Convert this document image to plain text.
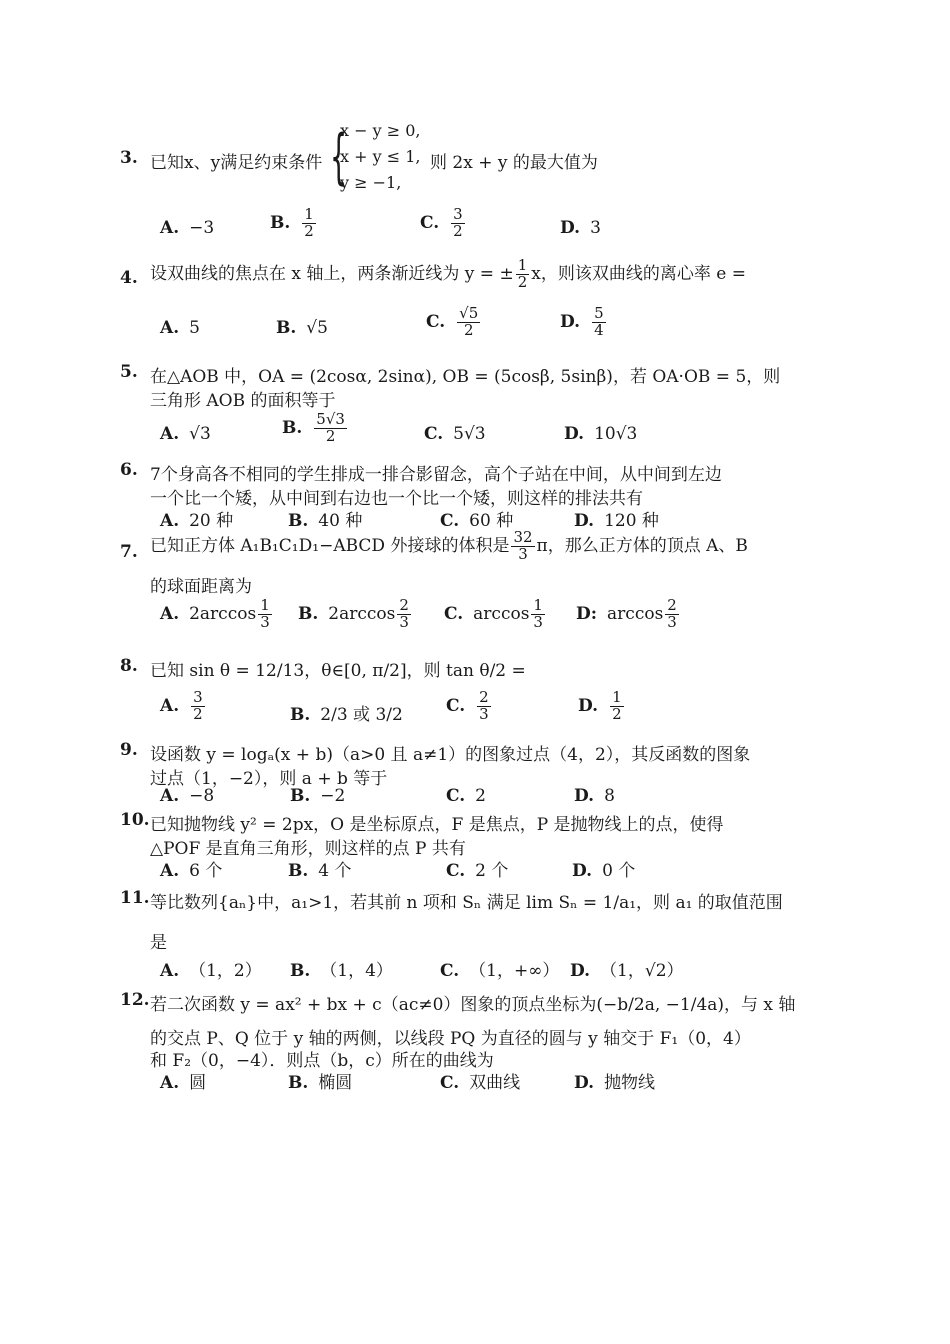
3. 已知x、y满足约束条件 {
x − y ≥ 0,
x + y ≤ 1,
y ≥ −1,
则 2x + y 的最大值为
A. −3	B. $\frac{1}{2}$	C. $\frac{3}{2}$	D. 3
4. 设双曲线的焦点在 x 轴上，两条渐近线为 y = ± $\frac{1}{2}$ x，则该双曲线的离心率 e =
A. 5	B. √5	C. $\frac{√5}{2}$	D. $\frac{5}{4}$
5. 在△AOB 中，OA = (2cosα, 2sinα), OB = (5cosβ, 5sinβ)，若 OA·OB = 5，则
三角形 AOB 的面积等于
A. √3	B. $\frac{5√3}{2}$	C. 5√3	D. 10√3
6. 7个身高各不相同的学生排成一排合影留念，高个子站在中间，从中间到左边
一个比一个矮，从中间到右边也一个比一个矮，则这样的排法共有
A. 20 种	B. 40 种	C. 60 种	D. 120 种
7. 已知正方体 A₁B₁C₁D₁−ABCD 外接球的体积是 $\frac{32}{3}$ π，那么正方体的顶点 A、B
的球面距离为
A. $2\arccos \frac{1}{3} B$. $2\arccos \frac{2}{3} C$. $\arccos \frac{1}{3} D$: $\arccos \frac{2}{3}$
8. 已知 sin θ = 12/13，θ∈[0, π/2]，则 tan θ/2 =
A. $\frac{3}{2}$	B. 2/3 或 3/2	C. $\frac{2}{3}$	D. $\frac{1}{2}$
9. 设函数 y = logₐ(x + b)（a>0 且 a≠1）的图象过点（4，2），其反函数的图象
过点（1，−2），则 a + b 等于
A. −8	B. −2	C. 2	D. 8
10. 已知抛物线 y² = 2px，O 是坐标原点，F 是焦点，P 是抛物线上的点，使得
△POF 是直角三角形，则这样的点 P 共有
A. 6 个	B. 4 个	C. 2 个	D. 0 个
11. 等比数列{aₙ}中，a₁>1，若其前 n 项和 Sₙ 满足 lim Sₙ = 1/a₁，则 a₁ 的取值范围
是
A. （1，2） B. （1，4）	C. （1，+∞） D. （1，√2）
12. 若二次函数 y = ax² + bx + c（ac≠0）图象的顶点坐标为(−b/2a, −1/4a)，与 x 轴
的交点 P、Q 位于 y 轴的两侧，以线段 PQ 为直径的圆与 y 轴交于 F₁（0，4）
和 F₂（0，−4）．则点（b，c）所在的曲线为
A. 圆	B. 椭圆	C. 双曲线	D. 抛物线
